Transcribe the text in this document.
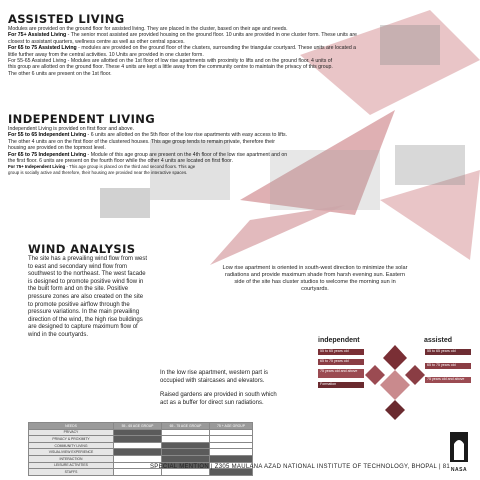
ASSISTED LIVING
Modules are provided on the ground floor for assisted living. They are placed in the cluster, based on their age and needs.
For 75+ Assisted Living - The senior most assisted are provided housing on the ground floor. 10 units are provided in one cluster form. These units are closest to assistant quarters, wellness centre as well as other central spaces.
For 65 to 75 Assisted Living - modules are provided on the ground floor of the clusters, surrounding the triangular courtyard. These units are located a little further away from the central activities. 10 Units are provided in one cluster form.
For 55-65 Assisted Living - Modules are allotted on the 1st floor of low rise apartments with proximity to lifts and on the ground floor. 4 units of this group are allotted on the ground floor. These 4 units are kept a little away from the community centre to maintain the privacy of this group. The other 6 units are present on the 1st floor.
INDEPENDENT LIVING
Independent Living is provided on first floor and above.
For 55 to 65 Independent Living - 6 units are allotted on the 5th floor of the low rise apartments with easy access to lifts. The other 4 units are on the first floor of the clustered houses. This age group tends to remain private, therefore their housing are provided on the topmost level.
For 65 to 75 Independent Living - Module of this age group are present on the 4th floor of the low rise apartment and on the first floor. 6 units are present on the fourth floor while the other 4 units are located on first floor.
For 75+ Independent Living - This age group is placed on the third and second floors. This age group is socially active and therefore, their housing are provided near the interactive spaces.
WIND ANALYSIS
The site has a prevailing wind flow from west to east and secondary wind flow from southwest to the northeast. The west facade is designed to promote positive wind flow in the built form and on the site. Positive pressure zones are also created on the site to promote positive airflow through the pressure variations. In the main prevailing direction of the wind, the high rise buildings are designed to capture maximum flow of wind in the courtyards.
In the low rise apartment, western part is occupied with staircases and elevators.
Raised gardens are provided in south which act as a buffer for direct sun radiations.
Low rise apartment is oriented in south-west direction to minimize the solar radiations and provide maximum shade from harsh evening sun. Eastern side of the site has cluster studios to welcome the morning sun in courtyards.
independent	assisted
55 to 65 years old
65 to 75 years old
75 years old and above
Formation
55 to 65 years old
65 to 75 years old
75 years old and above
NEEDS	55 - 65 AGE GROUP	65 - 75 AGE GROUP	75 + AGE GROUP
PRIVACY			
PRIVACY & PROXIMITY			
COMMUNITY LIVING			
VISUAL/VIEW EXPERIENCE			
INTERACTION			
LEISURE ACTIVITIES			
STAFFS			
SPECIAL MENTION | Z305 MAULANA AZAD NATIONAL INSTITUTE OF TECHNOLOGY, BHOPAL | 81 NASA
